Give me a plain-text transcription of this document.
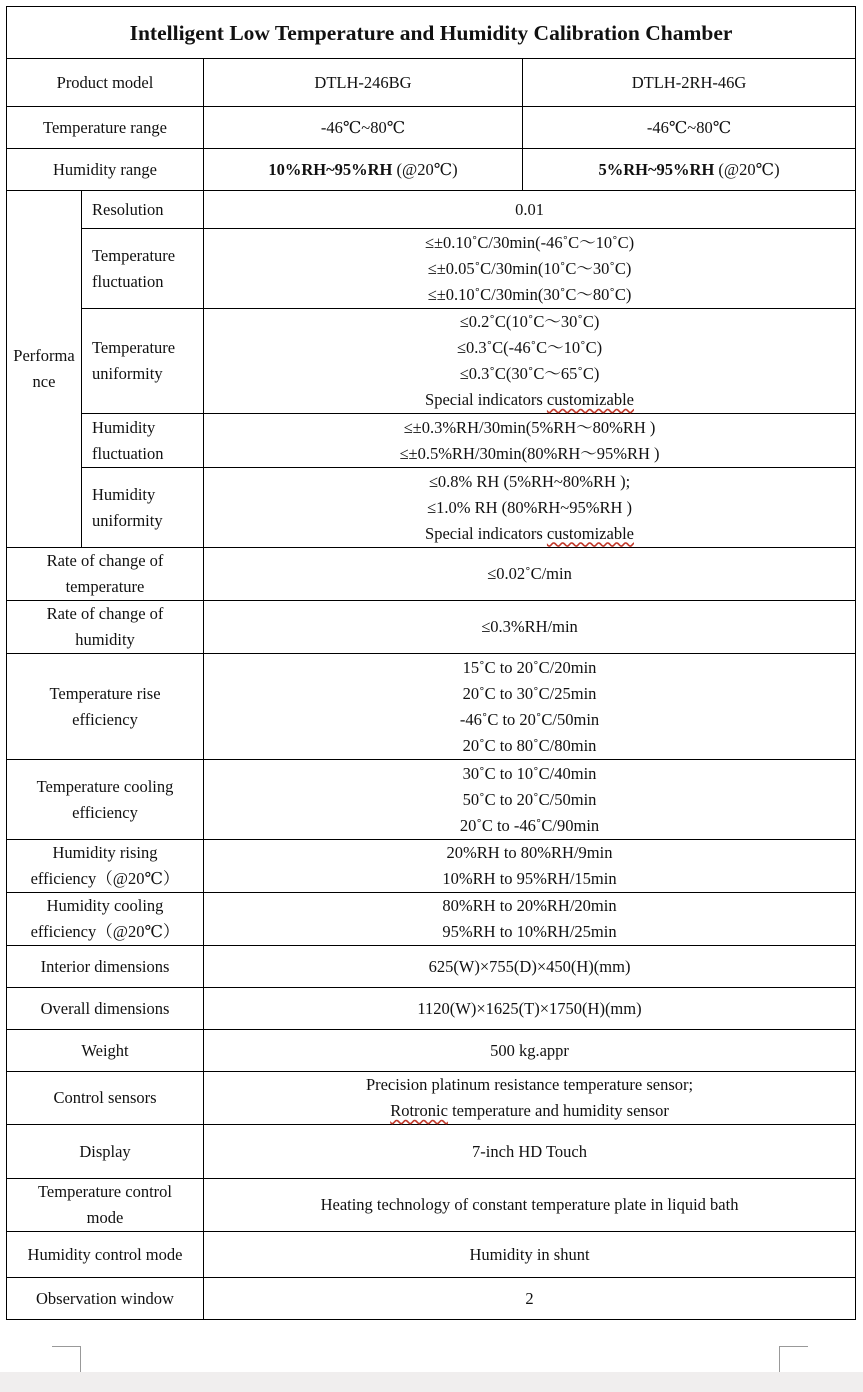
Intelligent Low Temperature and Humidity Calibration Chamber			
Product model		DTLH-246BG	DTLH-2RH-46G
Temperature range		-46℃~80℃	-46℃~80℃
Humidity range		10%RH~95%RH (@20℃)	5%RH~95%RH (@20℃)

Performa
nce	Resolution	0.01	

	Temperature
fluctuation	≤±0.10˚C/30min(-46˚C～10˚C)
≤±0.05˚C/30min(10˚C～30˚C)
≤±0.10˚C/30min(30˚C～80˚C)	

	Temperature
uniformity	≤0.2˚C(10˚C～30˚C)
≤0.3˚C(-46˚C～10˚C)
≤0.3˚C(30˚C～65˚C)
Special indicators customizable	

	Humidity
fluctuation	≤±0.3%RH/30min(5%RH～80%RH )
≤±0.5%RH/30min(80%RH～95%RH )	

	Humidity
uniformity	≤0.8% RH (5%RH~80%RH );
≤1.0% RH (80%RH~95%RH )
Special indicators customizable	

Rate of change of
temperature		≤0.02˚C/min	

Rate of change of
humidity		≤0.3%RH/min	

Temperature rise
efficiency		15˚C to 20˚C/20min
20˚C to 30˚C/25min
-46˚C to 20˚C/50min
20˚C to 80˚C/80min	

Temperature cooling
efficiency		30˚C to 10˚C/40min
50˚C to 20˚C/50min
20˚C to -46˚C/90min	

Humidity rising
efficiency（@20℃）		20%RH to 80%RH/9min
10%RH to 95%RH/15min	

Humidity cooling
efficiency（@20℃）		80%RH to 20%RH/20min
95%RH to 10%RH/25min	

Interior dimensions		625(W)×755(D)×450(H)(mm)	
Overall dimensions		1120(W)×1625(T)×1750(H)(mm)	
Weight		500 kg.appr	
Control sensors		Precision platinum resistance temperature sensor;
Rotronic temperature and humidity sensor	

Display		7-inch HD Touch	

Temperature control
mode		Heating technology of constant temperature plate in liquid bath	
Humidity control mode		Humidity in shunt	
Observation window		2	
